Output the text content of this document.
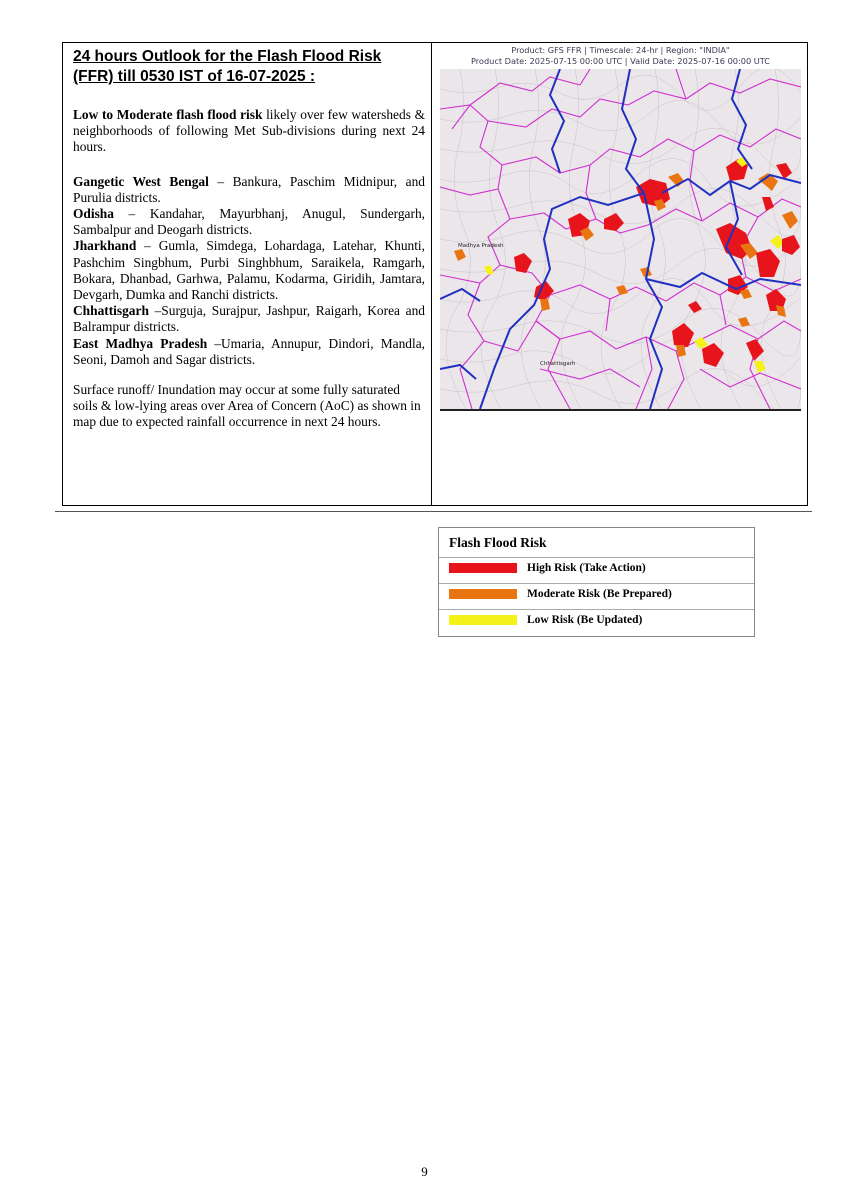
24 hours Outlook for the Flash Flood Risk (FFR) till 0530 IST of 16-07-2025 :

Low to Moderate flash flood risk likely over few watersheds & neighborhoods of following Met Sub-divisions during next 24 hours.

Gangetic West Bengal – Bankura, Paschim Midnipur, and Purulia districts.

Odisha – Kandahar, Mayurbhanj, Anugul, Sundergarh, Sambalpur and Deogarh districts.

Jharkhand – Gumla, Simdega, Lohardaga, Latehar, Khunti, Pashchim Singbhum, Purbi Singhbhum, Saraikela, Ramgarh, Bokara, Dhanbad, Garhwa, Palamu, Kodarma, Giridih, Jamtara, Devgarh, Dumka and Ranchi districts.

Chhattisgarh –Surguja, Surajpur, Jashpur, Raigarh, Korea and Balrampur districts.

East Madhya Pradesh –Umaria, Annupur, Dindori, Mandla, Seoni, Damoh and Sagar districts.

Surface runoff/ Inundation may occur at some fully saturated soils & low-lying areas over Area of Concern (AoC) as shown in map due to expected rainfall occurrence in next 24 hours.

Product: GFS FFR | Timescale: 24-hr | Region: "INDIA"
Product Date: 2025-07-15 00:00 UTC | Valid Date: 2025-07-16 00:00 UTC
Madhya Pradesh
Chhattisgarh
Flash Flood Risk
High Risk (Take Action)
Moderate Risk (Be Prepared)
Low Risk (Be Updated)
9
